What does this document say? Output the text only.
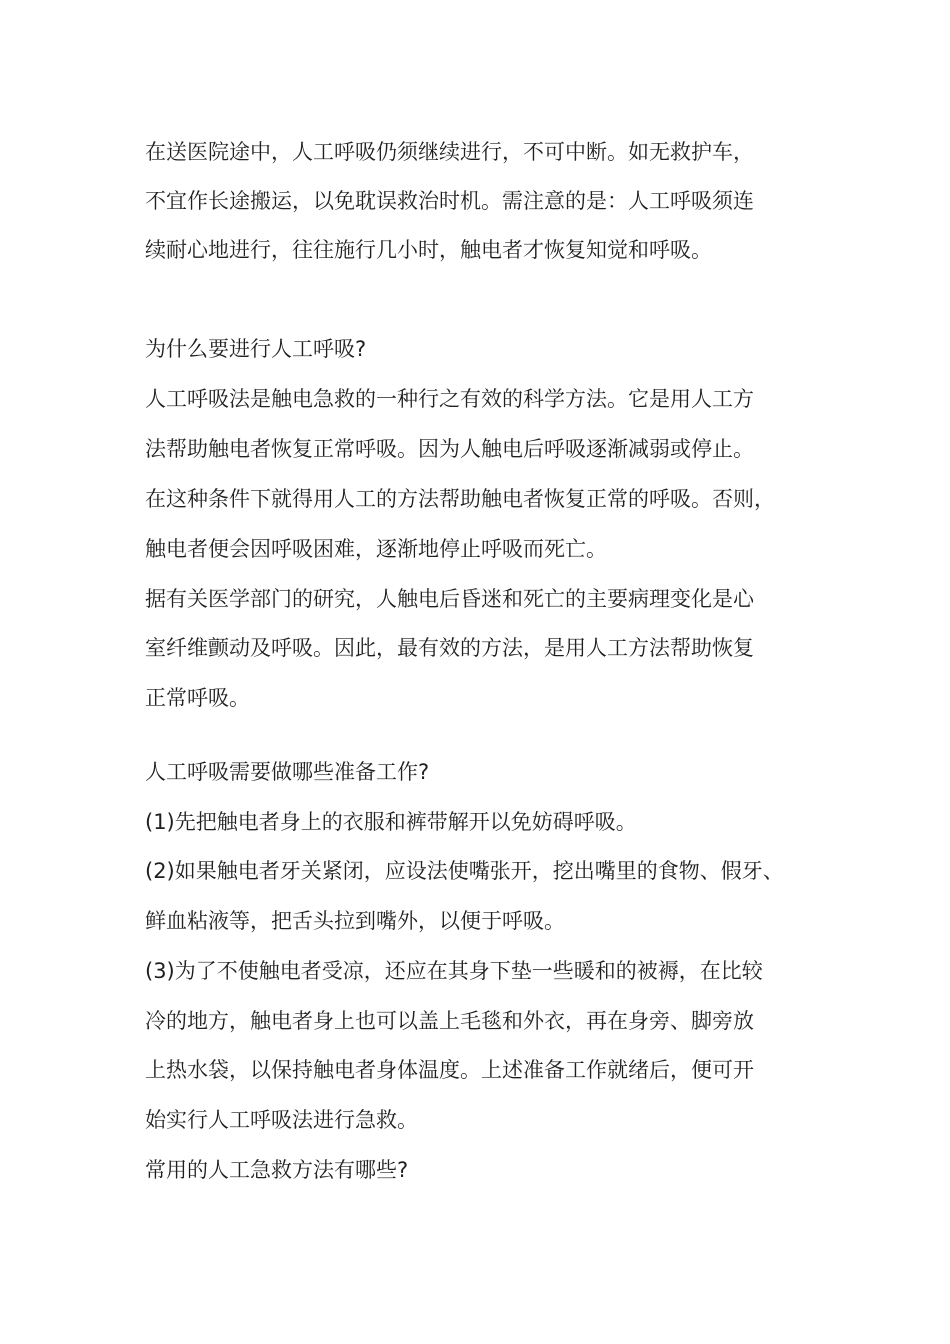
在送医院途中，人工呼吸仍须继续进行，不可中断。如无救护车，
不宜作长途搬运，以免耽误救治时机。需注意的是：人工呼吸须连
续耐心地进行，往往施行几小时，触电者才恢复知觉和呼吸。
为什么要进行人工呼吸?
人工呼吸法是触电急救的一种行之有效的科学方法。它是用人工方
法帮助触电者恢复正常呼吸。因为人触电后呼吸逐渐减弱或停止。
在这种条件下就得用人工的方法帮助触电者恢复正常的呼吸。否则，
触电者便会因呼吸困难，逐渐地停止呼吸而死亡。
据有关医学部门的研究，人触电后昏迷和死亡的主要病理变化是心
室纤维颤动及呼吸。因此，最有效的方法，是用人工方法帮助恢复
正常呼吸。
人工呼吸需要做哪些准备工作?
(1)先把触电者身上的衣服和裤带解开以免妨碍呼吸。
(2)如果触电者牙关紧闭，应设法使嘴张开，挖出嘴里的食物、假牙、
鲜血粘液等，把舌头拉到嘴外，以便于呼吸。
(3)为了不使触电者受凉，还应在其身下垫一些暖和的被褥，在比较
冷的地方，触电者身上也可以盖上毛毯和外衣，再在身旁、脚旁放
上热水袋，以保持触电者身体温度。上述准备工作就绪后，便可开
始实行人工呼吸法进行急救。
常用的人工急救方法有哪些?
